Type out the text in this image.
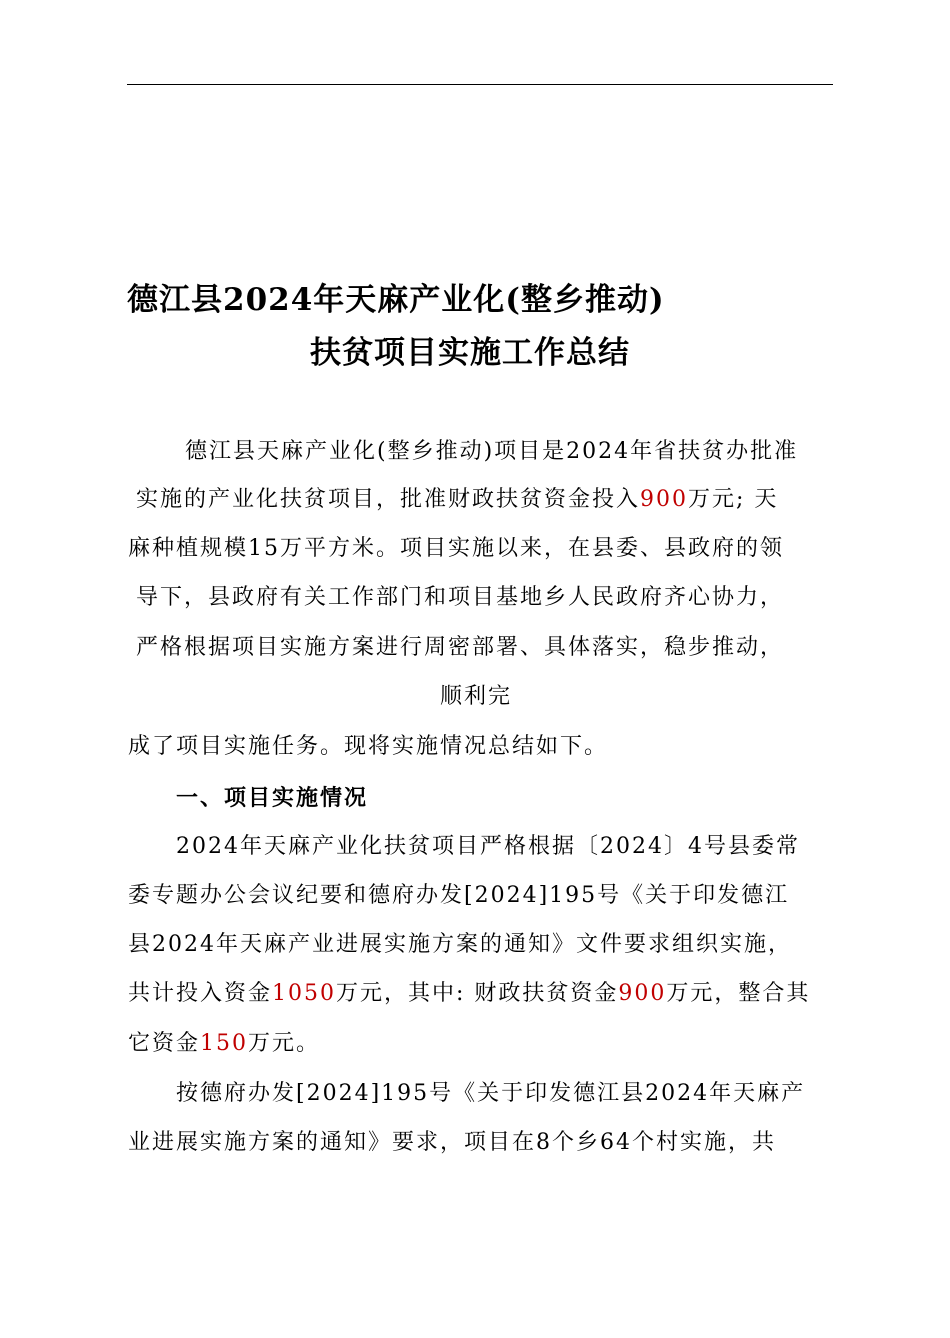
德江县2024年天麻产业化(整乡推动)
扶贫项目实施工作总结
德江县天麻产业化(整乡推动)项目是2024年省扶贫办批准
实施的产业化扶贫项目，批准财政扶贫资金投入900万元; 天
麻种植规模15万平方米。项目实施以来，在县委、县政府的领
导下，县政府有关工作部门和项目基地乡人民政府齐心协力，
严格根据项目实施方案进行周密部署、具体落实，稳步推动，
顺利完
成了项目实施任务。现将实施情况总结如下。
一、项目实施情况
2024年天麻产业化扶贫项目严格根据〔2024〕4号县委常
委专题办公会议纪要和德府办发[2024]195号《关于印发德江
县2024年天麻产业进展实施方案的通知》文件要求组织实施，
共计投入资金1050万元，其中: 财政扶贫资金900万元，整合其
它资金150万元。
按德府办发[2024]195号《关于印发德江县2024年天麻产
业进展实施方案的通知》要求，项目在8个乡64个村实施，共
